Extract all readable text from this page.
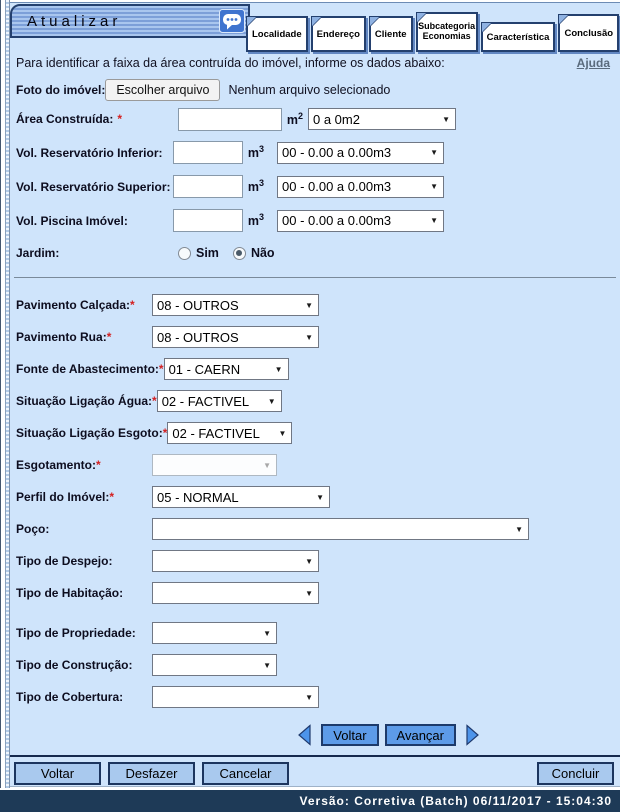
Atualizar
Localidade Endereço Cliente
Subcategoria Economias	Característica Conclusão
Para identificar a faixa da área contruída do imóvel, informe os dados abaixo:	Ajuda
Foto do imóvel: Escolher arquivo	Nenhum arquivo selecionado
Área Construída: *	$m^2$ 0 a 0m2
▼
Vol. Reservatório Inferior:	$m^3$	00 - 0.00 a 0.00m3
▼
Vol. Reservatório Superior:	$m^3$	00 - 0.00 a 0.00m3
▼
Vol. Piscina Imóvel:	$m^3$	00 - 0.00 a 0.00m3
▼
Jardim:	Sim	Não
Pavimento Calçada:*	08 - OUTROS
▼
Pavimento Rua:*	08 - OUTROS
▼
Fonte de Abastecimento:* 01 - CAERN
▼
Situação Ligação Água:* 02 - FACTIVEL
▼
Situação Ligação Esgoto:* 02 - FACTIVEL
▼
Esgotamento:*
▼
Perfil do Imóvel:*	05 - NORMAL
▼
Poço:
▼
Tipo de Despejo:
▼
Tipo de Habitação:
▼
Tipo de Propriedade:
▼
Tipo de Construção:
▼
Tipo de Cobertura:
▼
Voltar	Avançar
Voltar	Desfazer	Cancelar	Concluir
Versão: Corretiva (Batch) 06/11/2017 - 15:04:30
